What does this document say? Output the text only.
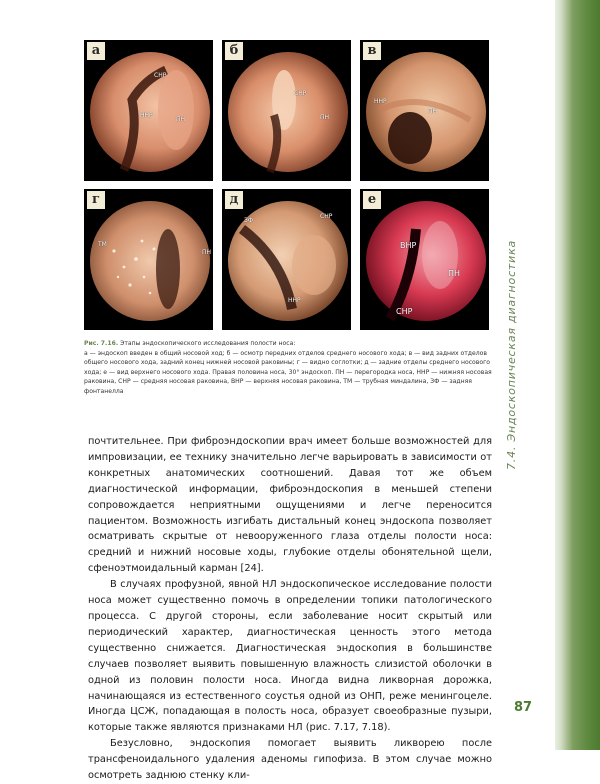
7.4. Эндоскопическая диагностика
а
СНР
ННР
ПН
б
СНР
ПН
в
ННР
ПН
г
ТМ
ПН
д
ЗФ
СНР
ННР
е
ВНР
ПН
СНР
Рис. 7.16. Этапы эндоскопического исследования полости носа:
а — эндоскоп введен в общий носовой ход; б — осмотр передних отделов среднего носового хода; в — вид задних отделов общего носового хода, задний конец нижней носовой раковины; г — видно соглотки; д — задние отделы среднего носового хода; е — вид верхнего носового хода. Правая половина носа, 30° эндоскоп. ПН — перегородка носа, ННР — нижняя носовая раковина, СНР — средняя носовая раковина, ВНР — верхняя носовая раковина, ТМ — трубная миндалина, ЗФ — задняя фонтанелла

почтительнее. При фиброэндоскопии врач имеет больше возможностей для импровизации, ее технику значительно легче варьировать в зависимости от конкретных анатомических соотношений. Давая тот же объем диагностической информации, фиброэндоскопия в меньшей степени сопровождается неприятными ощущениями и легче переносится пациентом. Возможность изгибать дистальный конец эндоскопа позволяет осматривать скрытые от невооруженного глаза отделы полости носа: средний и нижний носовые ходы, глубокие отделы обонятельной щели, сфеноэтмоидальный карман [24].

В случаях профузной, явной НЛ эндоскопическое исследование полости носа может существенно помочь в определении топики патологического процесса. С другой стороны, если заболевание носит скрытый или периодический характер, диагностическая ценность этого метода существенно снижается. Диагностическая эндоскопия в большинстве случаев позволяет выявить повышенную влажность слизистой оболочки в одной из половин полости носа. Иногда видна ликворная дорожка, начинающаяся из естественного соустья одной из ОНП, реже менингоцеле. Иногда ЦСЖ, попадающая в полость носа, образует своеобразные пузыри, которые также являются признаками НЛ (рис. 7.17, 7.18).

Безусловно, эндоскопия помогает выявить ликворею после трансфеноидального удаления аденомы гипофиза. В этом случае можно осмотреть заднюю стенку кли-

87
